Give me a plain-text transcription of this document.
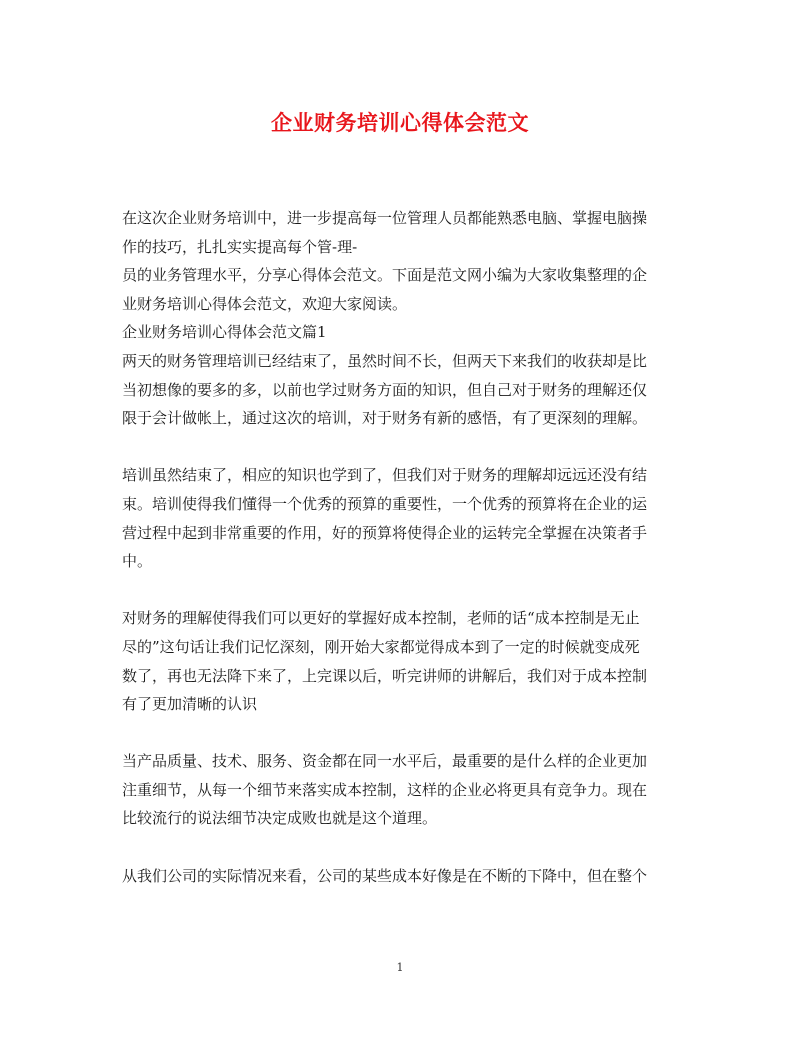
企业财务培训心得体会范文

在这次企业财务培训中，进一步提高每一位管理人员都能熟悉电脑、掌握电脑操
作的技巧，扎扎实实提高每个管-理-
员的业务管理水平，分享心得体会范文。下面是范文网小编为大家收集整理的企
业财务培训心得体会范文，欢迎大家阅读。

企业财务培训心得体会范文篇1

两天的财务管理培训已经结束了，虽然时间不长，但两天下来我们的收获却是比
当初想像的要多的多，以前也学过财务方面的知识，但自己对于财务的理解还仅
限于会计做帐上，通过这次的培训，对于财务有新的感悟，有了更深刻的理解。

培训虽然结束了，相应的知识也学到了，但我们对于财务的理解却远远还没有结
束。培训使得我们懂得一个优秀的预算的重要性，一个优秀的预算将在企业的运
营过程中起到非常重要的作用，好的预算将使得企业的运转完全掌握在决策者手
中。

对财务的理解使得我们可以更好的掌握好成本控制，老师的话“成本控制是无止
尽的”这句话让我们记忆深刻，刚开始大家都觉得成本到了一定的时候就变成死
数了，再也无法降下来了，上完课以后，听完讲师的讲解后，我们对于成本控制
有了更加清晰的认识

当产品质量、技术、服务、资金都在同一水平后，最重要的是什么样的企业更加
注重细节，从每一个细节来落实成本控制，这样的企业必将更具有竞争力。现在
比较流行的说法细节决定成败也就是这个道理。

从我们公司的实际情况来看，公司的某些成本好像是在不断的下降中，但在整个

1
